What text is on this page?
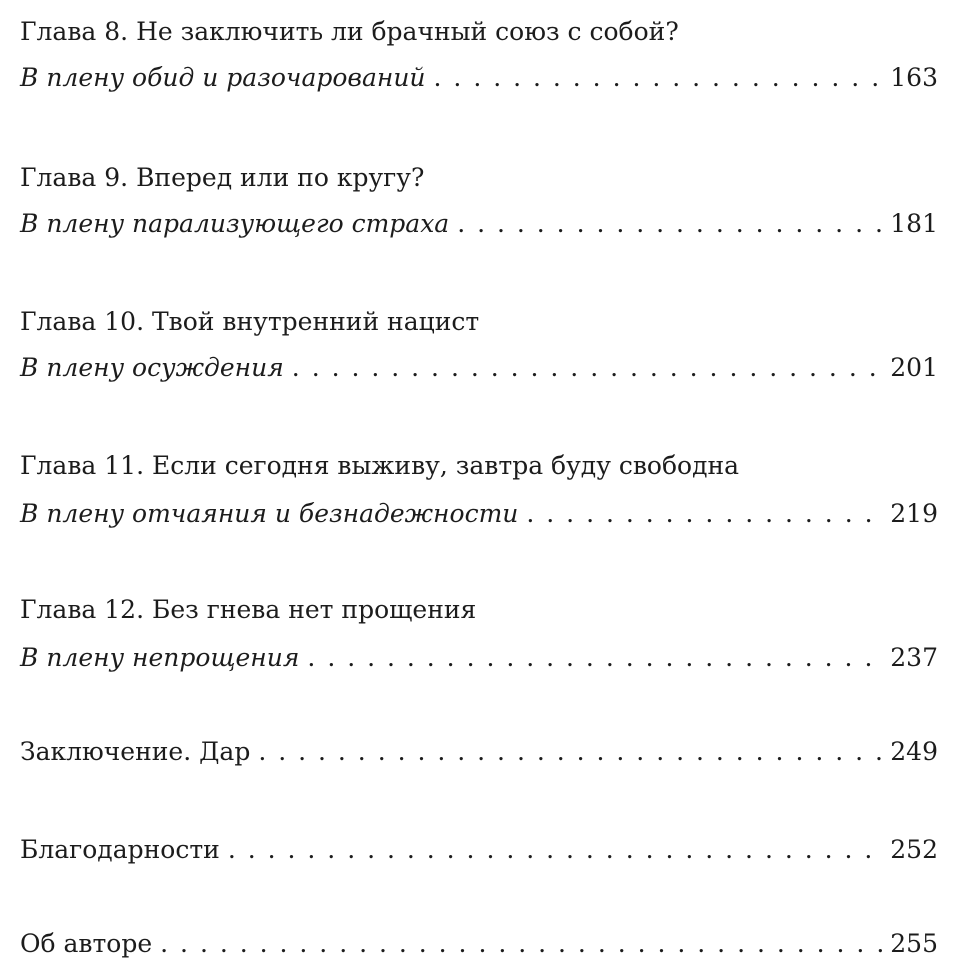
Глава 8. Не заключить ли брачный союз с собой?
В плену обид и разочарований . . .	163
Глава 9. Вперед или по кругу?
В плену парализующего страха . . .	181
Глава 10. Твой внутренний нацист
В плену осуждения . . .	201
Глава 11. Если сегодня выживу, завтра буду свободна
В плену отчаяния и безнадежности . . .	219
Глава 12. Без гнева нет прощения
В плену непрощения . . .	237
Заключение. Дар . . .	249
Благодарности . . .	252
Об авторе . . .	255
